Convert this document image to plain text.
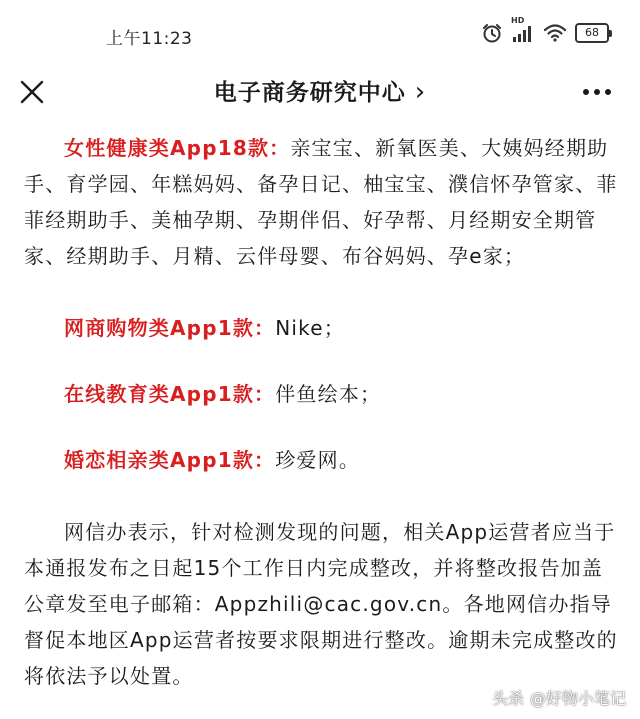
上午11:23
HD
68
电子商务研究中心 ›

女性健康类App18款：亲宝宝、新氧医美、大姨妈经期助手、育学园、年糕妈妈、备孕日记、柚宝宝、濮信怀孕管家、菲菲经期助手、美柚孕期、孕期伴侣、好孕帮、月经期安全期管家、经期助手、月精、云伴母婴、布谷妈妈、孕e家；

网商购物类App1款：Nike；

在线教育类App1款：伴鱼绘本；

婚恋相亲类App1款：珍爱网。

网信办表示，针对检测发现的问题，相关App运营者应当于本通报发布之日起15个工作日内完成整改，并将整改报告加盖公章发至电子邮箱：Appzhili@cac.gov.cn。各地网信办指导督促本地区App运营者按要求限期进行整改。逾期未完成整改的将依法予以处置。

头杀 @好物小笔记
